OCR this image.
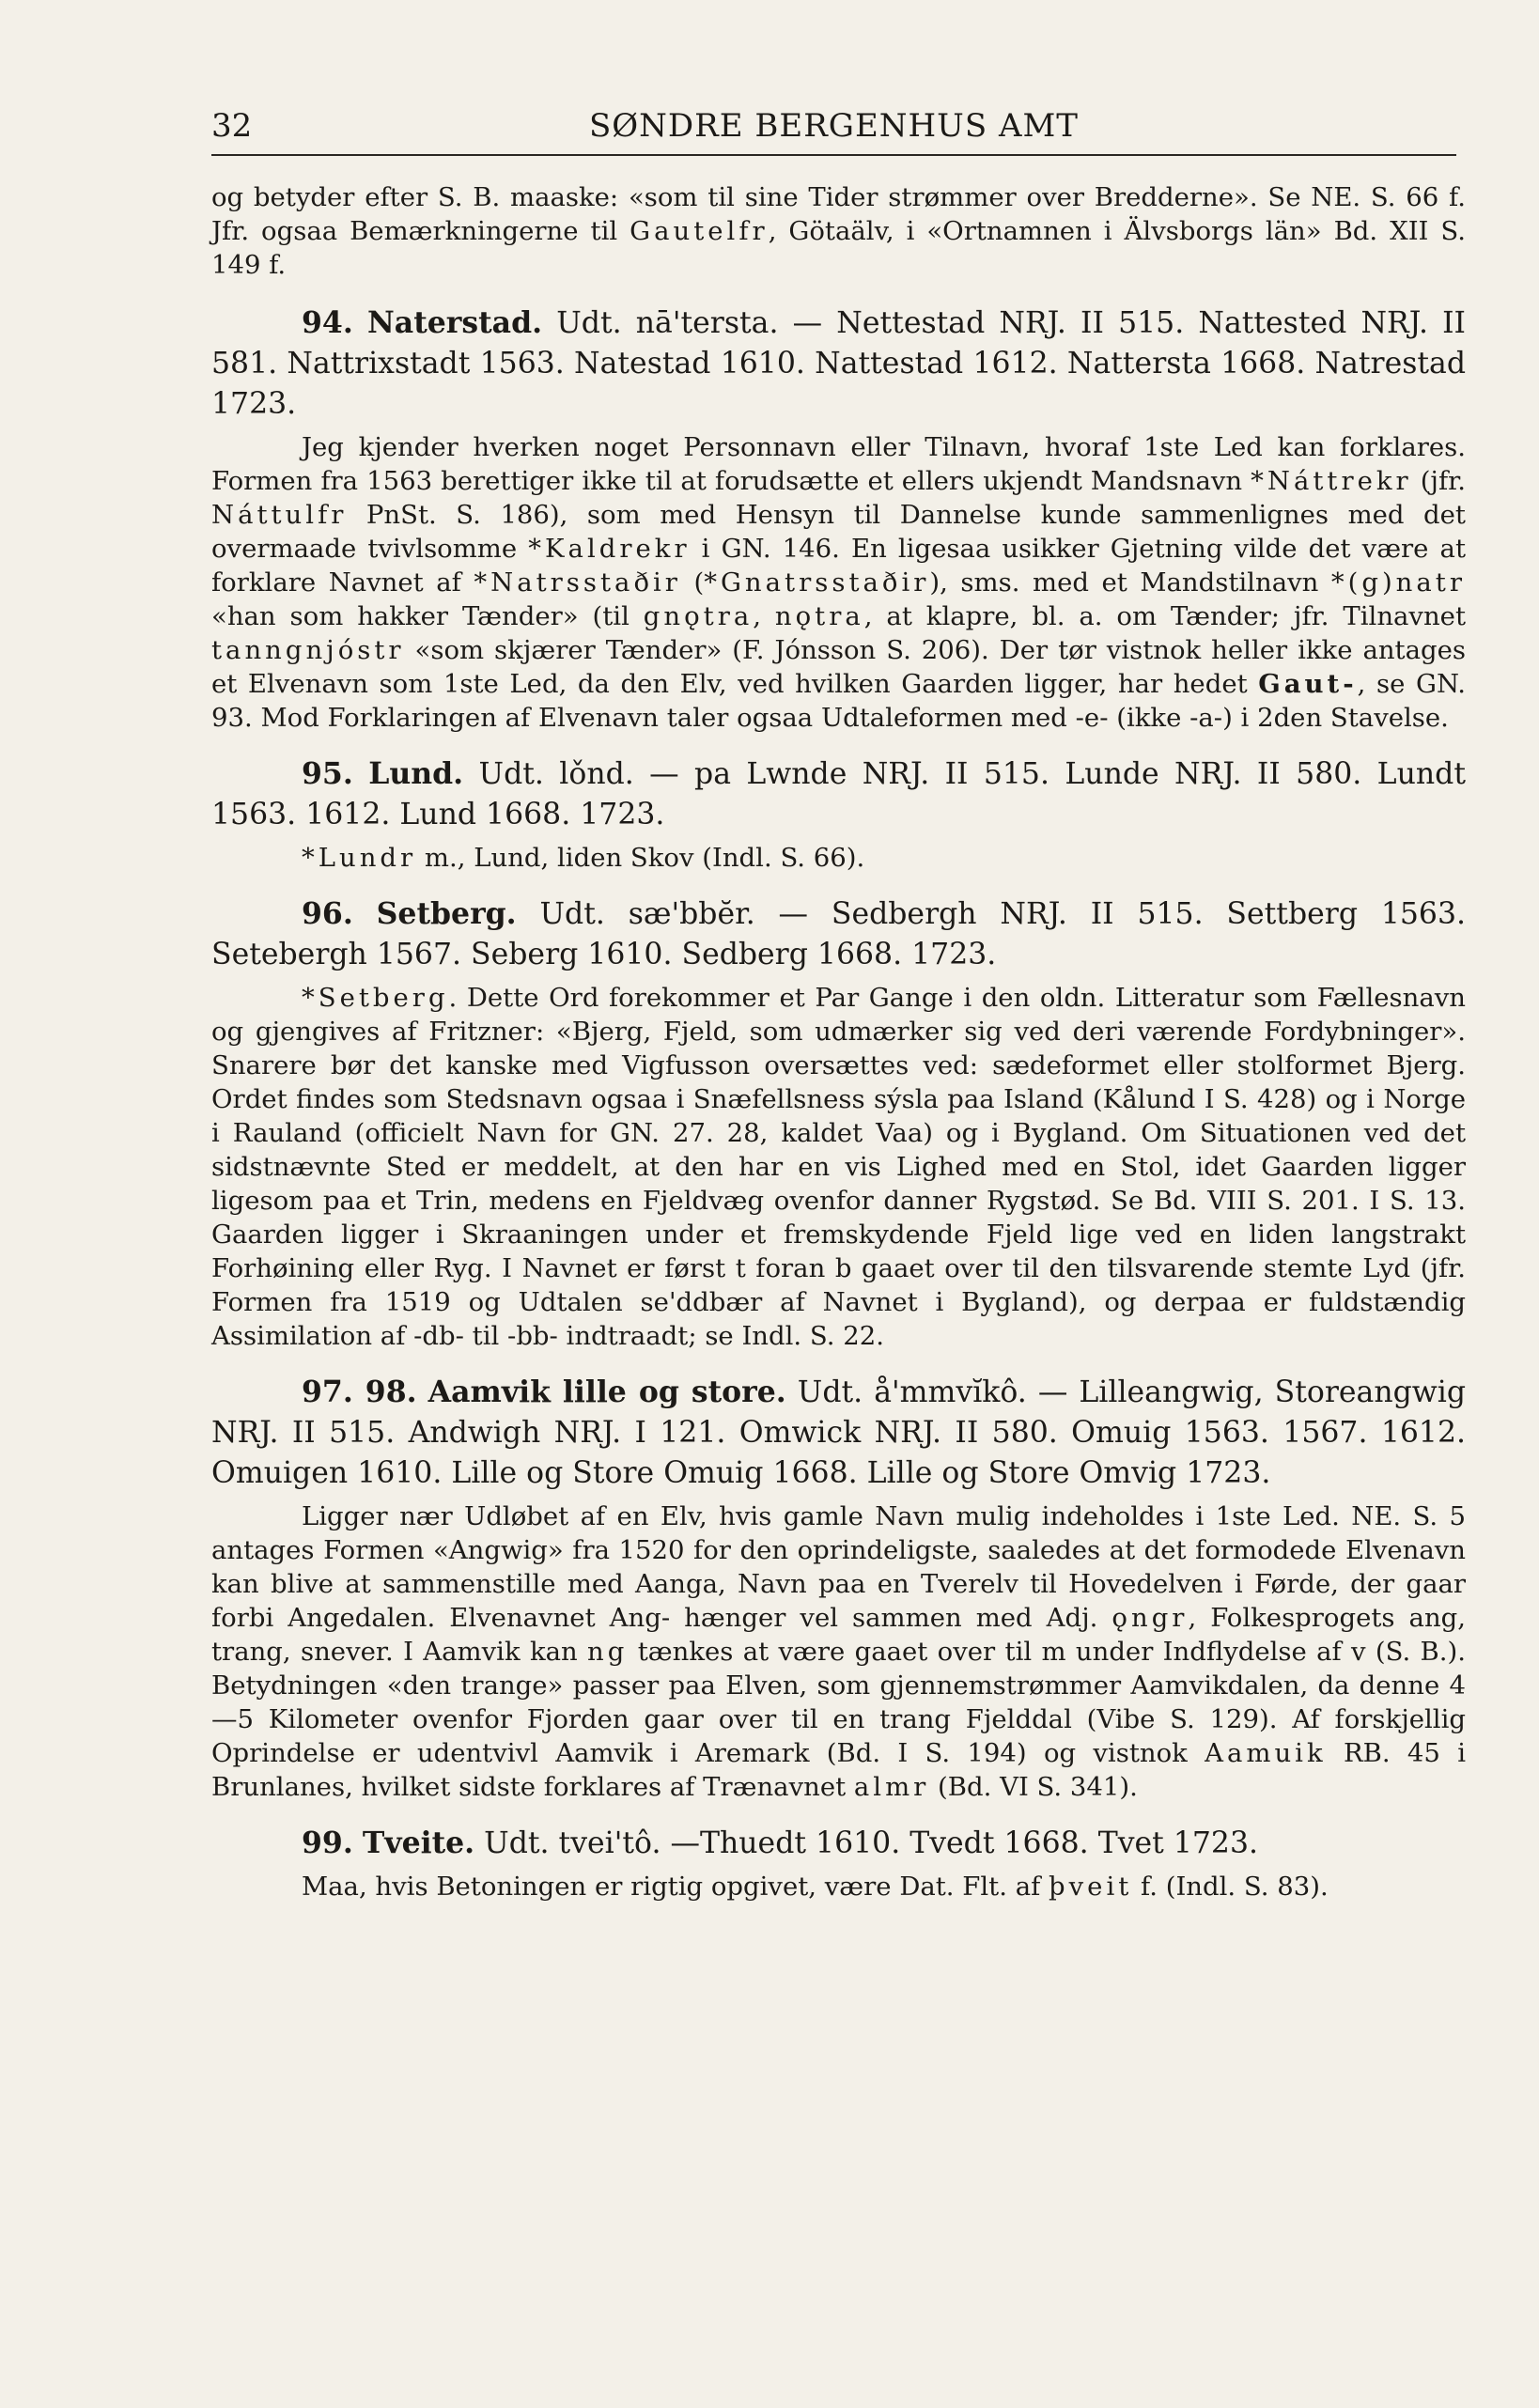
32	SØNDRE BERGENHUS AMT

og betyder efter S. B. maaske: «som til sine Tider strømmer over Bredderne». Se NE. S. 66 f. Jfr. ogsaa Bemærkningerne til Gautelfr, Götaälv, i «Ortnamnen i Älvsborgs län» Bd. XII S. 149 f.

94. Naterstad. Udt. nā'tersta. — Nettestad NRJ. II 515. Nattested NRJ. II 581. Nattrixstadt 1563. Natestad 1610. Nattestad 1612. Nattersta 1668. Natrestad 1723.

Jeg kjender hverken noget Personnavn eller Tilnavn, hvoraf 1ste Led kan forklares. Formen fra 1563 berettiger ikke til at forudsætte et ellers ukjendt Mandsnavn *Náttrekr (jfr. Náttulfr PnSt. S. 186), som med Hensyn til Dannelse kunde sammenlignes med det overmaade tvivlsomme *Kaldrekr i GN. 146. En ligesaa usikker Gjetning vilde det være at forklare Navnet af *Natrsstaðir (*Gnatrsstaðir), sms. med et Mandstilnavn *(g)natr «han som hakker Tænder» (til gnǫtra, nǫtra, at klapre, bl. a. om Tænder; jfr. Tilnavnet tanngnjóstr «som skjærer Tænder» (F. Jónsson S. 206). Der tør vistnok heller ikke antages et Elvenavn som 1ste Led, da den Elv, ved hvilken Gaarden ligger, har hedet Gaut-, se GN. 93. Mod Forklaringen af Elvenavn taler ogsaa Udtaleformen med -e- (ikke -a-) i 2den Stavelse.

95. Lund. Udt. lǒnd. — pa Lwnde NRJ. II 515. Lunde NRJ. II 580. Lundt 1563. 1612. Lund 1668. 1723.

*Lundr m., Lund, liden Skov (Indl. S. 66).

96. Setberg. Udt. sæ'bbĕr. — Sedbergh NRJ. II 515. Settberg 1563. Setebergh 1567. Seberg 1610. Sedberg 1668. 1723.

*Setberg. Dette Ord forekommer et Par Gange i den oldn. Litteratur som Fællesnavn og gjengives af Fritzner: «Bjerg, Fjeld, som udmærker sig ved deri værende Fordybninger». Snarere bør det kanske med Vigfusson oversættes ved: sædeformet eller stolformet Bjerg. Ordet findes som Stedsnavn ogsaa i Snæfellsness sýsla paa Island (Kålund I S. 428) og i Norge i Rauland (officielt Navn for GN. 27. 28, kaldet Vaa) og i Bygland. Om Situationen ved det sidstnævnte Sted er meddelt, at den har en vis Lighed med en Stol, idet Gaarden ligger ligesom paa et Trin, medens en Fjeldvæg ovenfor danner Rygstød. Se Bd. VIII S. 201. I S. 13. Gaarden ligger i Skraaningen under et fremskydende Fjeld lige ved en liden langstrakt Forhøining eller Ryg. I Navnet er først t foran b gaaet over til den tilsvarende stemte Lyd (jfr. Formen fra 1519 og Udtalen se'ddbær af Navnet i Bygland), og derpaa er fuldstændig Assimilation af -db- til -bb- indtraadt; se Indl. S. 22.

97. 98. Aamvik lille og store. Udt. å'mmvĭkô. — Lilleangwig, Storeangwig NRJ. II 515. Andwigh NRJ. I 121. Omwick NRJ. II 580. Omuig 1563. 1567. 1612. Omuigen 1610. Lille og Store Omuig 1668. Lille og Store Omvig 1723.

Ligger nær Udløbet af en Elv, hvis gamle Navn mulig indeholdes i 1ste Led. NE. S. 5 antages Formen «Angwig» fra 1520 for den oprindeligste, saaledes at det formodede Elvenavn kan blive at sammenstille med Aanga, Navn paa en Tverelv til Hovedelven i Førde, der gaar forbi Angedalen. Elvenavnet Ang- hænger vel sammen med Adj. ǫngr, Folkesprogets ang, trang, snever. I Aamvik kan ng tænkes at være gaaet over til m under Indflydelse af v (S. B.). Betydningen «den trange» passer paa Elven, som gjennemstrømmer Aamvikdalen, da denne 4—5 Kilometer ovenfor Fjorden gaar over til en trang Fjelddal (Vibe S. 129). Af forskjellig Oprindelse er udentvivl Aamvik i Aremark (Bd. I S. 194) og vistnok Aamuik RB. 45 i Brunlanes, hvilket sidste forklares af Trænavnet almr (Bd. VI S. 341).

99. Tveite. Udt. tvei'tô. —Thuedt 1610. Tvedt 1668. Tvet 1723.

Maa, hvis Betoningen er rigtig opgivet, være Dat. Flt. af þveit f. (Indl. S. 83).
